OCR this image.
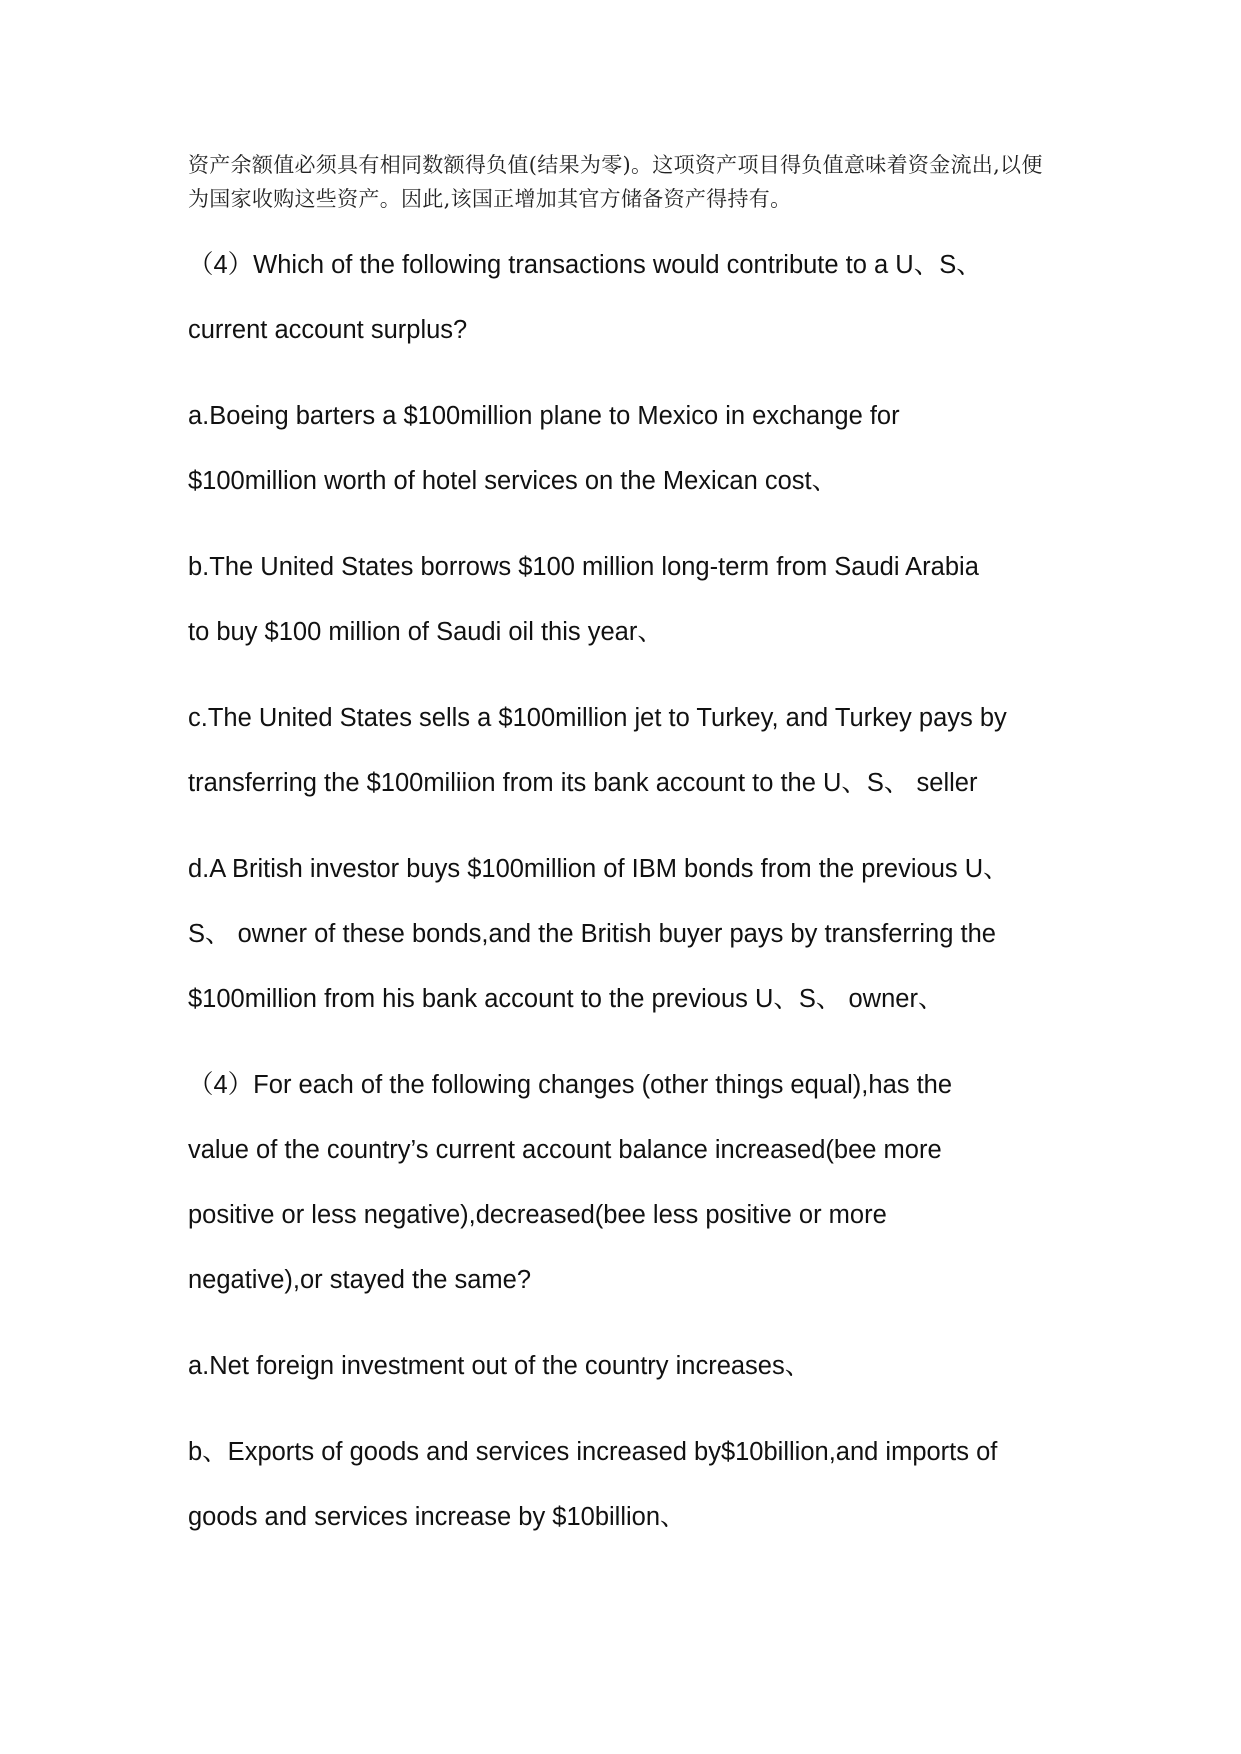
资产余额值必须具有相同数额得负值(结果为零)。这项资产项目得负值意味着资金流出,以便

为国家收购这些资产。因此,该国正增加其官方储备资产得持有。

（4）Which of the following transactions would contribute to a U、S、

current account surplus?

a.Boeing barters a $100million plane to Mexico in exchange for

$100million worth of hotel services on the Mexican cost、

b.The United States borrows $100 million long-term from Saudi Arabia

to buy $100 million of Saudi oil this year、

c.The United States sells a $100million jet to Turkey, and Turkey pays by

transferring the $100miliion from its bank account to the U、S、 seller

d.A British investor buys $100million of IBM bonds from the previous U、

S、 owner of these bonds,and the British buyer pays by transferring the

$100million from his bank account to the previous U、S、 owner、

（4）For each of the following changes (other things equal),has the

value of the country’s current account balance increased(bee more

positive or less negative),decreased(bee less positive or more

negative),or stayed the same?

a.Net foreign investment out of the country increases、

b、Exports of goods and services increased by$10billion,and imports of

goods and services increase by $10billion、
